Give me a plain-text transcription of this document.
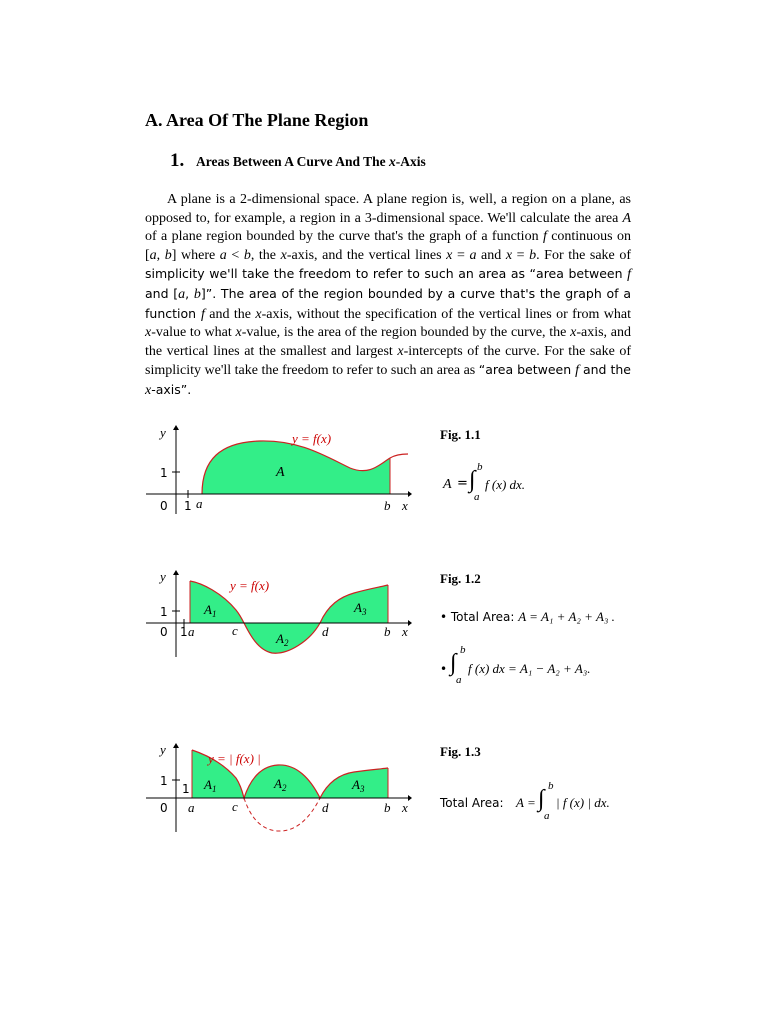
A. Area Of The Plane Region
1. Areas Between A Curve And The x-Axis
A plane is a 2-dimensional space. A plane region is, well, a region on a plane, as opposed to, for example, a region in a 3-dimensional space. We'll calculate the area A of a plane region bounded by the curve that's the graph of a function f continuous on [a, b] where a < b, the x-axis, and the vertical lines x = a and x = b. For the sake of simplicity we'll take the freedom to refer to such an area as “area between f and [a, b]”. The area of the region bounded by a curve that's the graph of a function f and the x-axis, without the specification of the vertical lines or from what x-value to what x-value, is the area of the region bounded by the curve, the x-axis, and the vertical lines at the smallest and largest x-intercepts of the curve. For the sake of simplicity we'll take the freedom to refer to such an area as “area between f and the x-axis”.
y
1
0 1 a	b x
y = f(x)
A
Fig. 1.1
A = ∫ b
a
f (x) dx.
y
1
0 1 a	c	d	b x
y = f(x)
$A_1$
$A_2$
$A_3$
Fig. 1.2
• Total Area: A = A₁ + A₂ + A₃ .
• ∫ b
a
f (x) dx = A₁ − A₂ + A₃.
y
1
1
0 a	c	d	b x
y = | f(x) |
$A_1$	$A_2$	$A_3$
Fig. 1.3
Total Area: A = ∫ b
a
| f (x) | dx.
